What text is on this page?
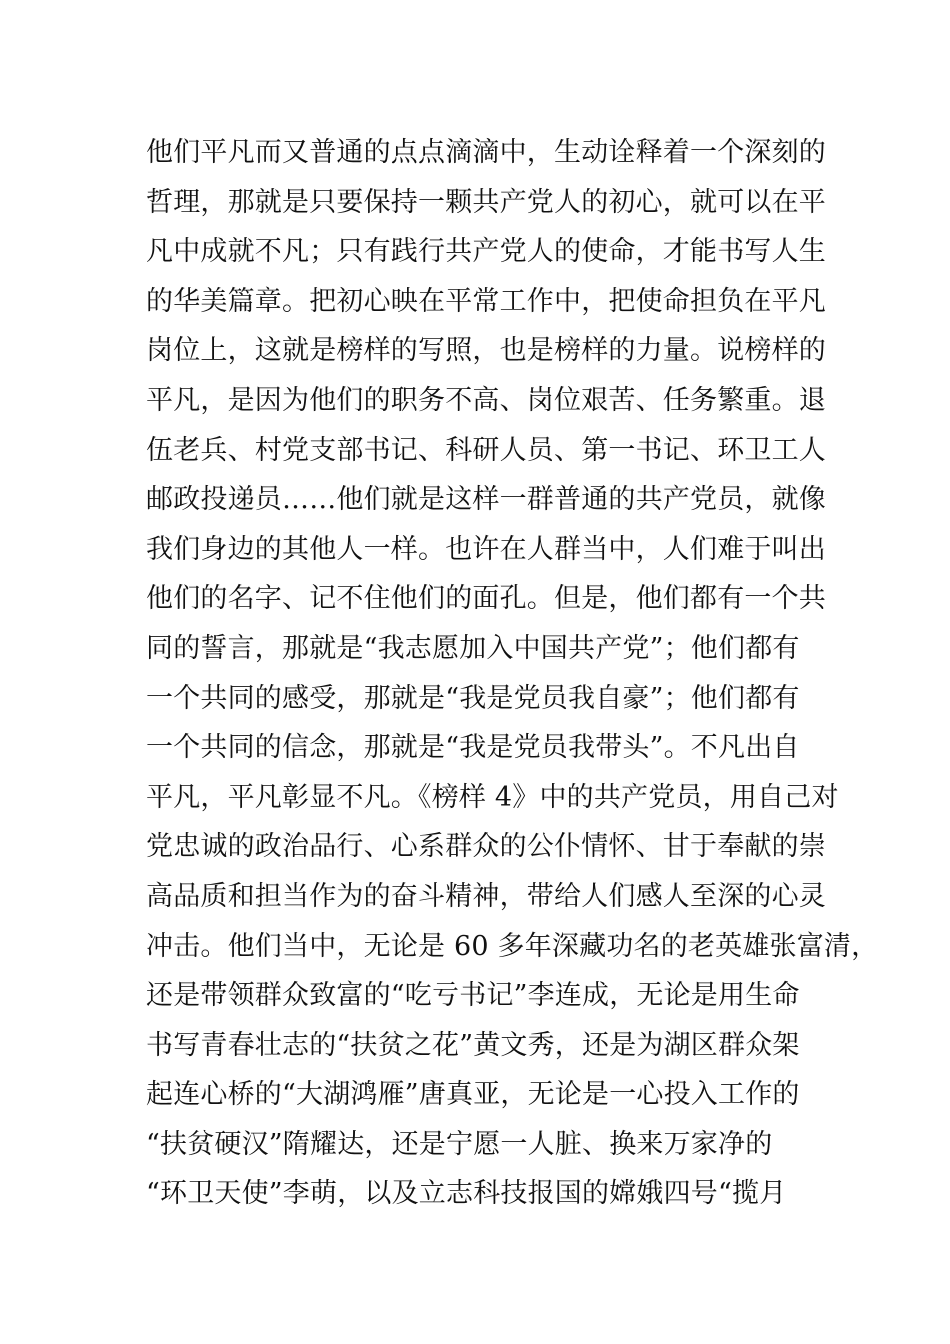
他们平凡而又普通的点点滴滴中，生动诠释着一个深刻的
哲理，那就是只要保持一颗共产党人的初心，就可以在平
凡中成就不凡；只有践行共产党人的使命，才能书写人生
的华美篇章。把初心映在平常工作中，把使命担负在平凡
岗位上，这就是榜样的写照，也是榜样的力量。说榜样的
平凡，是因为他们的职务不高、岗位艰苦、任务繁重。退
伍老兵、村党支部书记、科研人员、第一书记、环卫工人
邮政投递员……他们就是这样一群普通的共产党员，就像
我们身边的其他人一样。也许在人群当中，人们难于叫出
他们的名字、记不住他们的面孔。但是，他们都有一个共
同的誓言，那就是“我志愿加入中国共产党”；他们都有
一个共同的感受，那就是“我是党员我自豪”；他们都有
一个共同的信念，那就是“我是党员我带头”。不凡出自
平凡，平凡彰显不凡。《榜样 4》中的共产党员，用自己对
党忠诚的政治品行、心系群众的公仆情怀、甘于奉献的崇
高品质和担当作为的奋斗精神，带给人们感人至深的心灵
冲击。他们当中，无论是 60 多年深藏功名的老英雄张富清，
还是带领群众致富的“吃亏书记”李连成，无论是用生命
书写青春壮志的“扶贫之花”黄文秀，还是为湖区群众架
起连心桥的“大湖鸿雁”唐真亚，无论是一心投入工作的
“扶贫硬汉”隋耀达，还是宁愿一人脏、换来万家净的
“环卫天使”李萌，以及立志科技报国的嫦娥四号“揽月
